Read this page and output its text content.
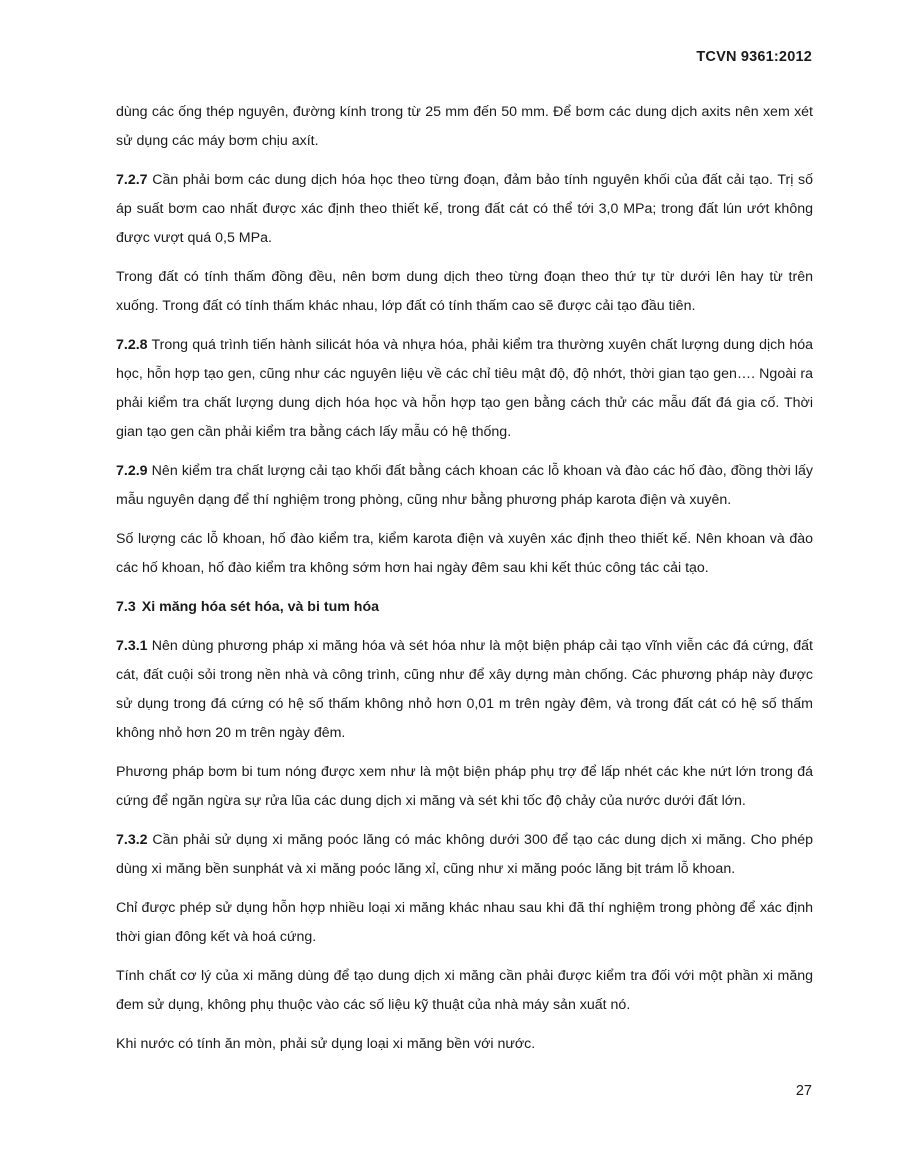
TCVN 9361:2012

dùng các ống thép nguyên, đường kính trong từ 25 mm đến 50 mm. Để bơm các dung dịch axits nên xem xét sử dụng các máy bơm chịu axít.

7.2.7 Cần phải bơm các dung dịch hóa học theo từng đoạn, đảm bảo tính nguyên khối của đất cải tạo. Trị số áp suất bơm cao nhất được xác định theo thiết kế, trong đất cát có thể tới 3,0 MPa; trong đất lún ướt không được vượt quá 0,5 MPa.

Trong đất có tính thấm đồng đều, nên bơm dung dịch theo từng đoạn theo thứ tự từ dưới lên hay từ trên xuống. Trong đất có tính thấm khác nhau, lớp đất có tính thấm cao sẽ được cải tạo đầu tiên.

7.2.8 Trong quá trình tiến hành silicát hóa và nhựa hóa, phải kiểm tra thường xuyên chất lượng dung dịch hóa học, hỗn hợp tạo gen, cũng như các nguyên liệu về các chỉ tiêu mật độ, độ nhớt, thời gian tạo gen…. Ngoài ra phải kiểm tra chất lượng dung dịch hóa học và hỗn hợp tạo gen bằng cách thử các mẫu đất đá gia cố. Thời gian tạo gen cần phải kiểm tra bằng cách lấy mẫu có hệ thống.

7.2.9 Nên kiểm tra chất lượng cải tạo khối đất bằng cách khoan các lỗ khoan và đào các hố đào, đồng thời lấy mẫu nguyên dạng để thí nghiệm trong phòng, cũng như bằng phương pháp karota điện và xuyên.

Số lượng các lỗ khoan, hố đào kiểm tra, kiểm karota điện và xuyên xác định theo thiết kế. Nên khoan và đào các hố khoan, hố đào kiểm tra không sớm hơn hai ngày đêm sau khi kết thúc công tác cải tạo.

7.3 Xi măng hóa sét hóa, và bi tum hóa

7.3.1 Nên dùng phương pháp xi măng hóa và sét hóa như là một biện pháp cải tạo vĩnh viễn các đá cứng, đất cát, đất cuội sỏi trong nền nhà và công trình, cũng như để xây dựng màn chống. Các phương pháp này được sử dụng trong đá cứng có hệ số thấm không nhỏ hơn 0,01 m trên ngày đêm, và trong đất cát có hệ số thấm không nhỏ hơn 20 m trên ngày đêm.

Phương pháp bơm bi tum nóng được xem như là một biện pháp phụ trợ để lấp nhét các khe nứt lớn trong đá cứng để ngăn ngừa sự rửa lũa các dung dịch xi măng và sét khi tốc độ chảy của nước dưới đất lớn.

7.3.2 Cần phải sử dụng xi măng poóc lăng có mác không dưới 300 để tạo các dung dịch xi măng. Cho phép dùng xi măng bền sunphát và xi măng poóc lăng xỉ, cũng như xi măng poóc lăng bịt trám lỗ khoan.

Chỉ được phép sử dụng hỗn hợp nhiều loại xi măng khác nhau sau khi đã thí nghiệm trong phòng để xác định thời gian đông kết và hoá cứng.

Tính chất cơ lý của xi măng dùng để tạo dung dịch xi măng cần phải được kiểm tra đối với một phần xi măng đem sử dụng, không phụ thuộc vào các số liệu kỹ thuật của nhà máy sản xuất nó.

Khi nước có tính ăn mòn, phải sử dụng loại xi măng bền với nước.

27
